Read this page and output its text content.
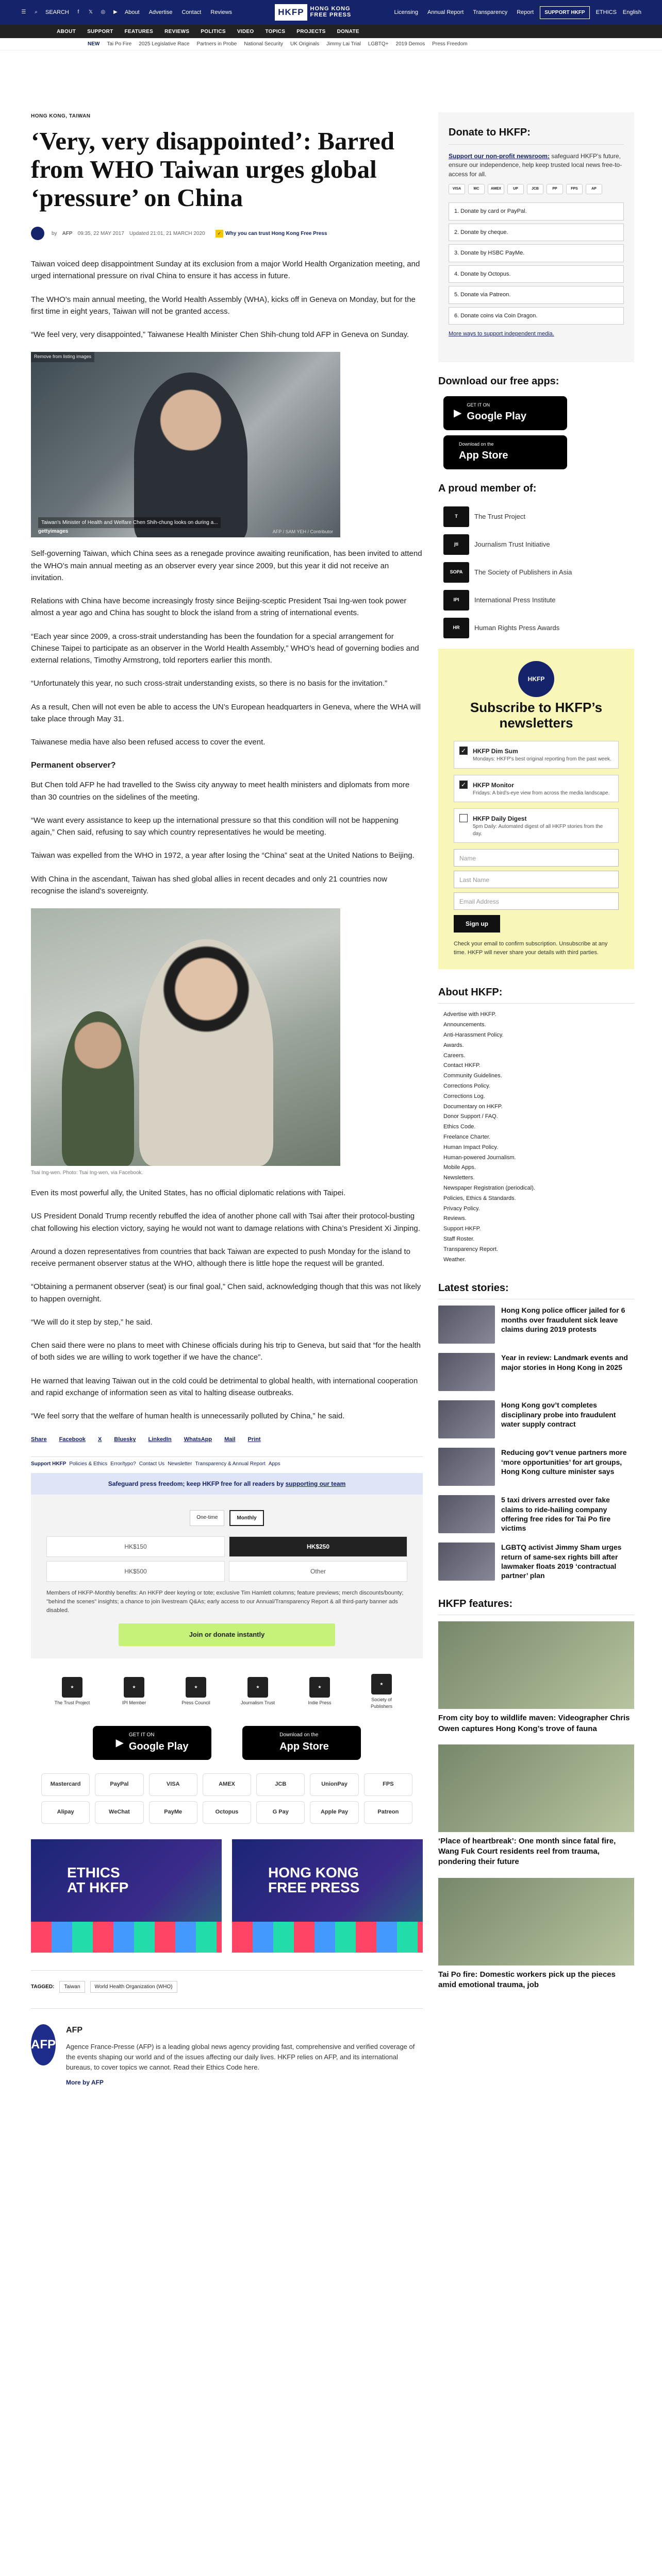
☰	⌕ SEARCH	f	𝕏 ◎ ▶ About Advertise Contact Reviews	HKFP	HONG KONG
FREE PRESS	Licensing Annual Report Transparency Report	SUPPORT HKFP	ETHICS English
ABOUT SUPPORT FEATURES REVIEWS POLITICS VIDEO TOPICS PROJECTS DONATE
NEW Tai Po Fire 2025 Legislative Race Partners in Probe National Security UK Originals Jimmy Lai Trial LGBTQ+ 2019 Demos Press Freedom
HONG KONG, TAIWAN
‘Very, very disappointed’: Barred from WHO Taiwan urges global ‘pressure’ on China
by AFP 09:35, 22 MAY 2017 Updated 21:01, 21 MARCH 2020	✓ Why you can trust Hong Kong Free Press

Taiwan voiced deep disappointment Sunday at its exclusion from a major World Health Organization meeting, and urged international pressure on rival China to ensure it has access in future.

The WHO’s main annual meeting, the World Health Assembly (WHA), kicks off in Geneva on Monday, but for the first time in eight years, Taiwan will not be granted access.

“We feel very, very disappointed,” Taiwanese Health Minister Chen Shih-chung told AFP in Geneva on Sunday.

Remove from listing images
Taiwan's Minister of Health and Welfare Chen Shih-chung looks on during a...
gettyimages	AFP / SAM YEH / Contributor

Self-governing Taiwan, which China sees as a renegade province awaiting reunification, has been invited to attend the WHO’s main annual meeting as an observer every year since 2009, but this year it did not receive an invitation.

Relations with China have become increasingly frosty since Beijing-sceptic President Tsai Ing-wen took power almost a year ago and China has sought to block the island from a string of international events.

“Each year since 2009, a cross-strait understanding has been the foundation for a special arrangement for Chinese Taipei to participate as an observer in the World Health Assembly,” WHO’s head of governing bodies and external relations, Timothy Armstrong, told reporters earlier this month.

“Unfortunately this year, no such cross-strait understanding exists, so there is no basis for the invitation.”

As a result, Chen will not even be able to access the UN’s European headquarters in Geneva, where the WHA will take place through May 31.

Taiwanese media have also been refused access to cover the event.

Permanent observer?

But Chen told AFP he had travelled to the Swiss city anyway to meet health ministers and diplomats from more than 30 countries on the sidelines of the meeting.

“We want every assistance to keep up the international pressure so that this condition will not be happening again,” Chen said, refusing to say which country representatives he would be meeting.

Taiwan was expelled from the WHO in 1972, a year after losing the “China” seat at the United Nations to Beijing.

With China in the ascendant, Taiwan has shed global allies in recent decades and only 21 countries now recognise the island’s sovereignty.

Tsai Ing-wen. Photo: Tsai Ing-wen, via Facebook.

Even its most powerful ally, the United States, has no official diplomatic relations with Taipei.

US President Donald Trump recently rebuffed the idea of another phone call with Tsai after their protocol-busting chat following his election victory, saying he would not want to damage relations with China’s President Xi Jinping.

Around a dozen representatives from countries that back Taiwan are expected to push Monday for the island to receive permanent observer status at the WHO, although there is little hope the request will be granted.

“Obtaining a permanent observer (seat) is our final goal,” Chen said, acknowledging though that this was not likely to happen overnight.

“We will do it step by step,” he said.

Chen said there were no plans to meet with Chinese officials during his trip to Geneva, but said that “for the health of both sides we are willing to work together if we have the chance”.

He warned that leaving Taiwan out in the cold could be detrimental to global health, with international cooperation and rapid exchange of information seen as vital to halting disease outbreaks.

“We feel sorry that the welfare of human health is unnecessarily polluted by China,” he said.

Share Facebook X Bluesky LinkedIn WhatsApp Mail Print
Support HKFP Policies & Ethics Error/typo? Contact Us Newsletter Transparency & Annual Report Apps
Safeguard press freedom; keep HKFP free for all readers by supporting our team
One-time	Monthly
HK$150	HK$250
HK$500	Other
Members of HKFP-Monthly benefits: An HKFP deer keyring or tote; exclusive Tim Hamlett columns; feature previews; merch discounts/bounty; "behind the scenes" insights; a chance to join livestream Q&As; early access to our Annual/Transparency Report & all third-party banner ads disabled.
Join or donate instantly
★
The Trust Project
★
IPI Member
★
Press Council
★
Journalism Trust
★
Indie Press
★
Society of Publishers
▶
GET IT ON
Google Play
Download on the
App Store
Mastercard	PayPal	VISA	AMEX	JCB	UnionPay	FPS
Alipay	WeChat	PayMe	Octopus	G Pay	Apple Pay	Patreon
ETHICS
AT HKFP
HONG KONG
FREE PRESS
TAGGED:	Taiwan	World Health Organization (WHO)
AFP
AFP
Agence France-Presse (AFP) is a leading global news agency providing fast, comprehensive and verified coverage of the events shaping our world and of the issues affecting our daily lives. HKFP relies on AFP, and its international bureaus, to cover topics we cannot. Read their Ethics Code here.
More by AFP
Donate to HKFP:

Support our non-profit newsroom: safeguard HKFP’s future, ensure our independence, help keep trusted local news free-to-access for all.

VISA	MC	AMEX	UP	JCB	PP	FPS	AP
1. Donate by card or PayPal.
2. Donate by cheque.
3. Donate by HSBC PayMe.
4. Donate by Octopus.
5. Donate via Patreon.
6. Donate coins via Coin Dragon.
More ways to support independent media.
Download our free apps:
▶
GET IT ON
Google Play
Download on the
App Store
A proud member of:
T	The Trust Project
jti	Journalism Trust Initiative
SOPA	The Society of Publishers in Asia
IPI	International Press Institute
HR	Human Rights Press Awards
HKFP
Subscribe to HKFP’s newsletters
✓ HKFP Dim Sum
Mondays: HKFP's best original reporting from the past week.
✓ HKFP Monitor
Fridays: A bird's-eye view from across the media landscape.
HKFP Daily Digest
5pm Daily: Automated digest of all HKFP stories from the day.
Name
Last Name
Email Address
Sign up
Check your email to confirm subscription. Unsubscribe at any time. HKFP will never share your details with third parties.
About HKFP:
Advertise with HKFP.
Announcements.
Anti-Harassment Policy.
Awards.
Careers.
Contact HKFP.
Community Guidelines.
Corrections Policy.
Corrections Log.
Documentary on HKFP.
Donor Support / FAQ.
Ethics Code.
Freelance Charter.
Human Impact Policy.
Human-powered Journalism.
Mobile Apps.
Newsletters.
Newspaper Registration (periodical).
Policies, Ethics & Standards.
Privacy Policy.
Reviews.
Support HKFP.
Staff Roster.
Transparency Report.
Weather.
Latest stories:
Hong Kong police officer jailed for 6 months over fraudulent sick leave claims during 2019 protests
Year in review: Landmark events and major stories in Hong Kong in 2025
Hong Kong gov’t completes disciplinary probe into fraudulent water supply contract
Reducing gov’t venue partners more ‘more opportunities’ for art groups, Hong Kong culture minister says
5 taxi drivers arrested over fake claims to ride-hailing company offering free rides for Tai Po fire victims
LGBTQ activist Jimmy Sham urges return of same-sex rights bill after lawmaker floats 2019 ‘contractual partner’ plan
HKFP features:
From city boy to wildlife maven: Videographer Chris Owen captures Hong Kong’s trove of fauna
‘Place of heartbreak’: One month since fatal fire, Wang Fuk Court residents reel from trauma, pondering their future
Tai Po fire: Domestic workers pick up the pieces amid emotional trauma, job
